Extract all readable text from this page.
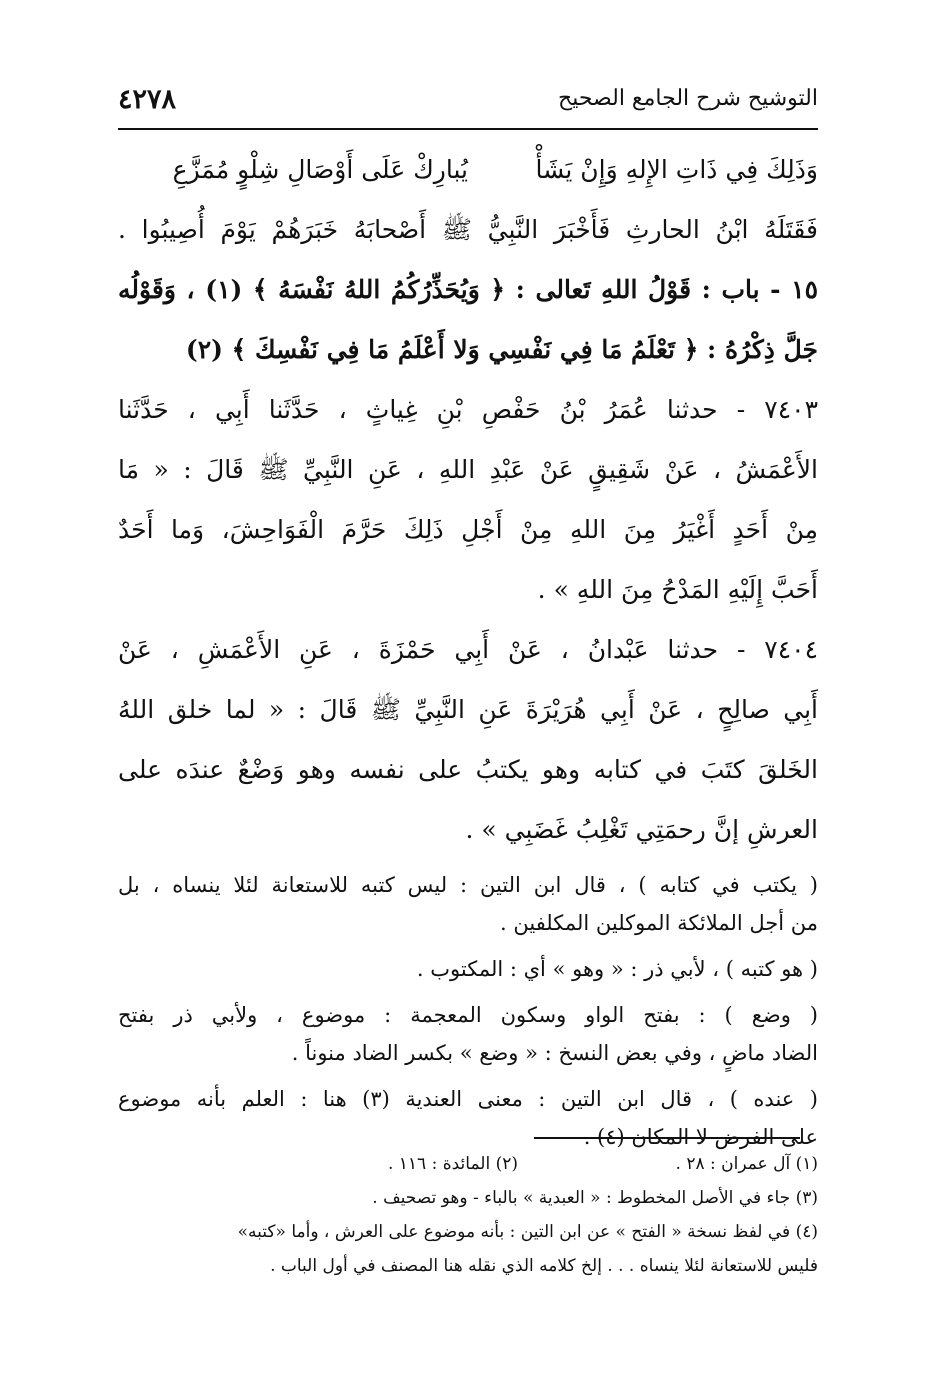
٤٢٧٨	التوشيح شرح الجامع الصحيح
وَذَلِكَ فِي ذَاتِ الإِلهِ وَإِنْ يَشَأْيُبارِكْ عَلَى أَوْصَالِ شِلْوٍ مُمَزَّعِ
فَقَتَلَهُ ابْنُ الحارثِ فَأَخْبَرَ النَّبِيُّ ﷺ أَصْحابَهُ خَبَرَهُمْ يَوْمَ أُصِيبُوا .
١٥ - باب : قَوْلُ اللهِ تَعالى : ﴿ وَيُحَذِّرُكُمُ اللهُ نَفْسَهُ ﴾ (١) ، وَقَوْلُه
جَلَّ ذِكْرُهُ : ﴿ تَعْلَمُ مَا فِي نَفْسِي وَلا أَعْلَمُ مَا فِي نَفْسِكَ ﴾ (٢)
٧٤٠٣ - حدثنا عُمَرُ بْنُ حَفْصِ بْنِ غِياثٍ ، حَدَّثَنا أَبِي ، حَدَّثَنا
الأَعْمَشُ ، عَنْ شَقِيقٍ عَنْ عَبْدِ اللهِ ، عَنِ النَّبِيِّ ﷺ قَالَ : « مَا
مِنْ أَحَدٍ أَغْيَرُ مِنَ اللهِ مِنْ أَجْلِ ذَلِكَ حَرَّمَ الْفَوَاحِشَ، وَما أَحَدٌ
أَحَبَّ إِلَيْهِ المَدْحُ مِنَ اللهِ » .
٧٤٠٤ - حدثنا عَبْدانُ ، عَنْ أَبِي حَمْزَةَ ، عَنِ الأَعْمَشِ ، عَنْ
أَبِي صالِحٍ ، عَنْ أَبِي هُرَيْرَةَ عَنِ النَّبِيِّ ﷺ قَالَ : « لما خلق اللهُ
الخَلقَ كتَبَ في كتابه وهو يكتبُ على نفسه وهو وَضْعٌ عندَه على
العرشِ إنَّ رحمَتِي تَغْلِبُ غَضَبِي » .
( يكتب في كتابه ) ، قال ابن التين : ليس كتبه للاستعانة لئلا ينساه ، بل
من أجل الملائكة الموكلين المكلفين .
( هو كتبه ) ، لأبي ذر : « وهو » أي : المكتوب .
( وضع ) : بفتح الواو وسكون المعجمة : موضوع ، ولأبي ذر بفتح
الضاد ماضٍ ، وفي بعض النسخ : « وضع » بكسر الضاد منوناً .
( عنده ) ، قال ابن التين : معنى العندية (٣) هنا : العلم بأنه موضوع
على الفرض لا المكان (٤) .
(١) آل عمران : ٢٨ .(٢) المائدة : ١١٦ .
(٣) جاء في الأصل المخطوط : « العبدية » بالباء - وهو تصحيف .
(٤) في لفظ نسخة « الفتح » عن ابن التين : بأنه موضوع على العرش ، وأما «كتبه»
فليس للاستعانة لئلا ينساه . . . إلخ كلامه الذي نقله هنا المصنف في أول الباب .
